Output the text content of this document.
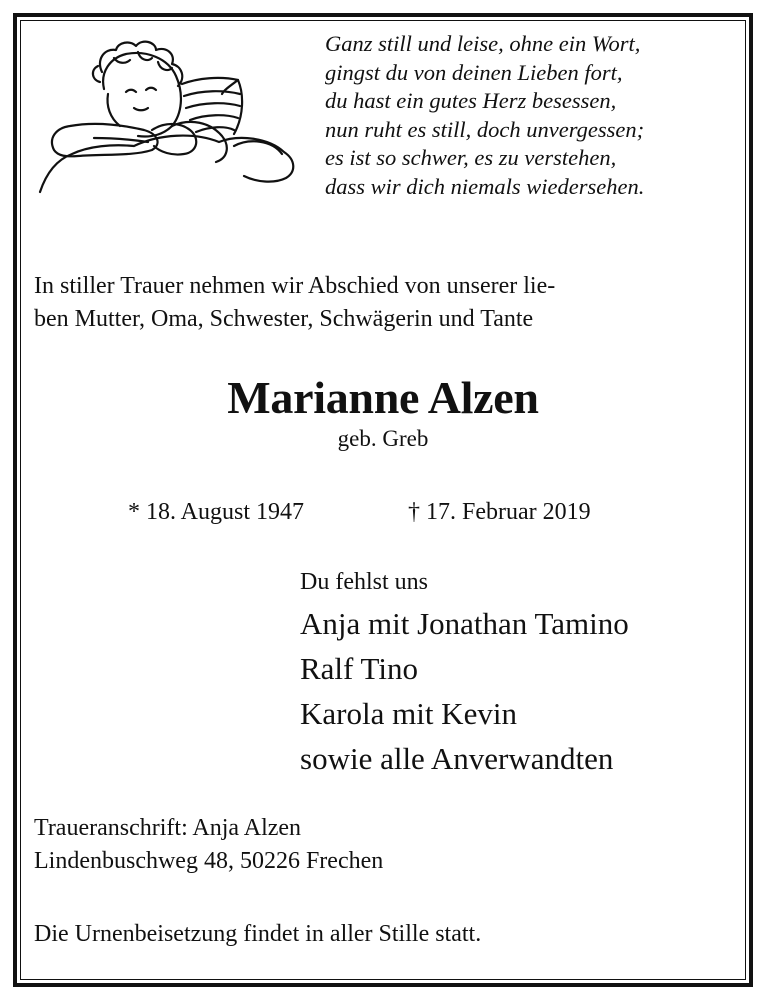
Ganz still und leise, ohne ein Wort,
gingst du von deinen Lieben fort,
du hast ein gutes Herz besessen,
nun ruht es still, doch unvergessen;
es ist so schwer, es zu verstehen,
dass wir dich niemals wiedersehen.
In stiller Trauer nehmen wir Abschied von unserer lie-
ben Mutter, Oma, Schwester, Schwägerin und Tante
Marianne Alzen
geb. Greb
* 18. August 1947	† 17. Februar 2019
Du fehlst uns
Anja mit Jonathan Tamino
Ralf Tino
Karola mit Kevin
sowie alle Anverwandten
Traueranschrift: Anja Alzen
Lindenbuschweg 48, 50226 Frechen
Die Urnenbeisetzung findet in aller Stille statt.
